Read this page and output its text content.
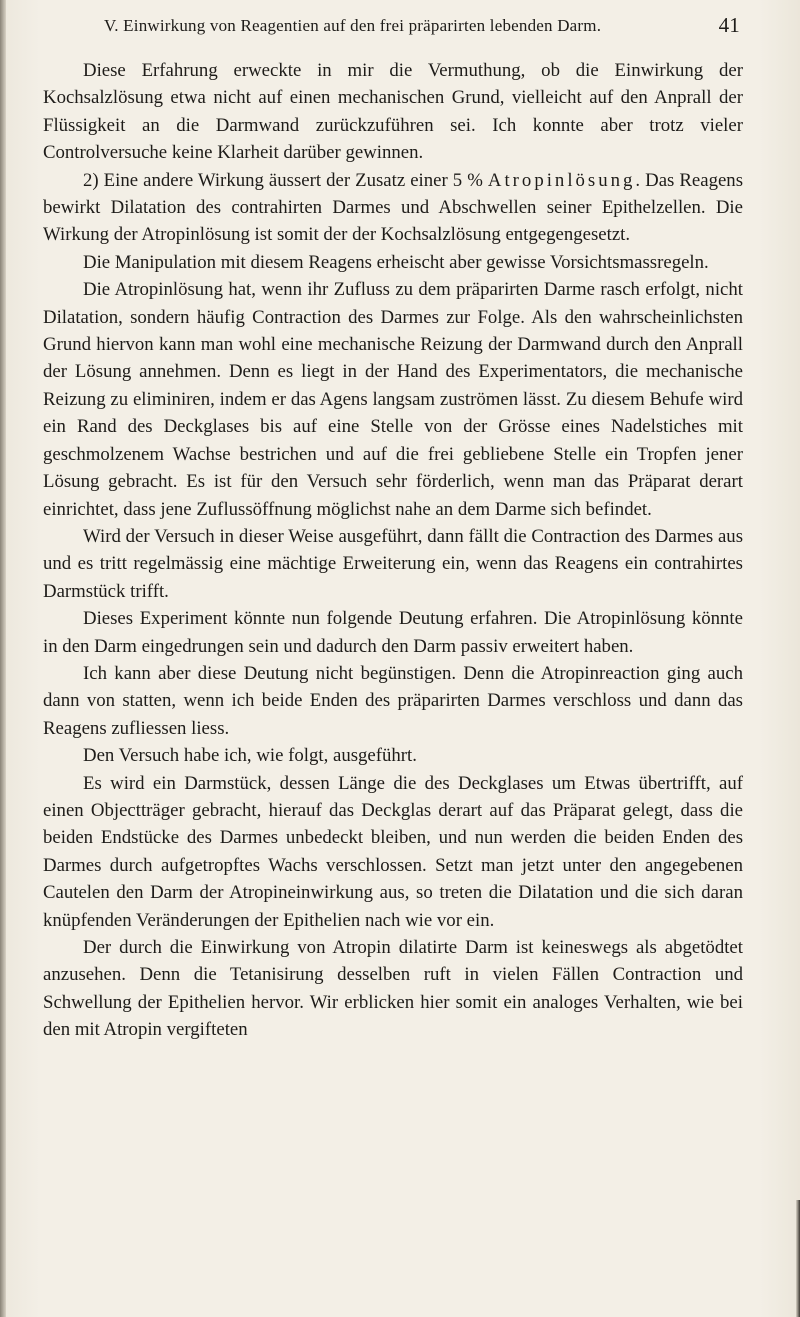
V. Einwirkung von Reagentien auf den frei präparirten lebenden Darm.	41

Diese Erfahrung erweckte in mir die Vermuthung, ob die Einwirkung der Kochsalzlösung etwa nicht auf einen mechanischen Grund, vielleicht auf den Anprall der Flüssigkeit an die Darmwand zurückzuführen sei. Ich konnte aber trotz vieler Controlversuche keine Klarheit darüber gewinnen.

2) Eine andere Wirkung äussert der Zusatz einer 5 % Atropinlösung. Das Reagens bewirkt Dilatation des contrahirten Darmes und Abschwellen seiner Epithelzellen. Die Wirkung der Atropinlösung ist somit der der Kochsalzlösung entgegengesetzt.

Die Manipulation mit diesem Reagens erheischt aber gewisse Vorsichtsmassregeln.

Die Atropinlösung hat, wenn ihr Zufluss zu dem präparirten Darme rasch erfolgt, nicht Dilatation, sondern häufig Contraction des Darmes zur Folge. Als den wahrscheinlichsten Grund hiervon kann man wohl eine mechanische Reizung der Darmwand durch den Anprall der Lösung annehmen. Denn es liegt in der Hand des Experimentators, die mechanische Reizung zu eliminiren, indem er das Agens langsam zuströmen lässt. Zu diesem Behufe wird ein Rand des Deckglases bis auf eine Stelle von der Grösse eines Nadelstiches mit geschmolzenem Wachse bestrichen und auf die frei gebliebene Stelle ein Tropfen jener Lösung gebracht. Es ist für den Versuch sehr förderlich, wenn man das Präparat derart einrichtet, dass jene Zuflussöffnung möglichst nahe an dem Darme sich befindet.

Wird der Versuch in dieser Weise ausgeführt, dann fällt die Contraction des Darmes aus und es tritt regelmässig eine mächtige Erweiterung ein, wenn das Reagens ein contrahirtes Darmstück trifft.

Dieses Experiment könnte nun folgende Deutung erfahren. Die Atropinlösung könnte in den Darm eingedrungen sein und dadurch den Darm passiv erweitert haben.

Ich kann aber diese Deutung nicht begünstigen. Denn die Atropinreaction ging auch dann von statten, wenn ich beide Enden des präparirten Darmes verschloss und dann das Reagens zufliessen liess.

Den Versuch habe ich, wie folgt, ausgeführt.

Es wird ein Darmstück, dessen Länge die des Deckglases um Etwas übertrifft, auf einen Objectträger gebracht, hierauf das Deckglas derart auf das Präparat gelegt, dass die beiden Endstücke des Darmes unbedeckt bleiben, und nun werden die beiden Enden des Darmes durch aufgetropftes Wachs verschlossen. Setzt man jetzt unter den angegebenen Cautelen den Darm der Atropineinwirkung aus, so treten die Dilatation und die sich daran knüpfenden Veränderungen der Epithelien nach wie vor ein.

Der durch die Einwirkung von Atropin dilatirte Darm ist keineswegs als abgetödtet anzusehen. Denn die Tetanisirung desselben ruft in vielen Fällen Contraction und Schwellung der Epithelien hervor. Wir erblicken hier somit ein analoges Verhalten, wie bei den mit Atropin vergifteten
